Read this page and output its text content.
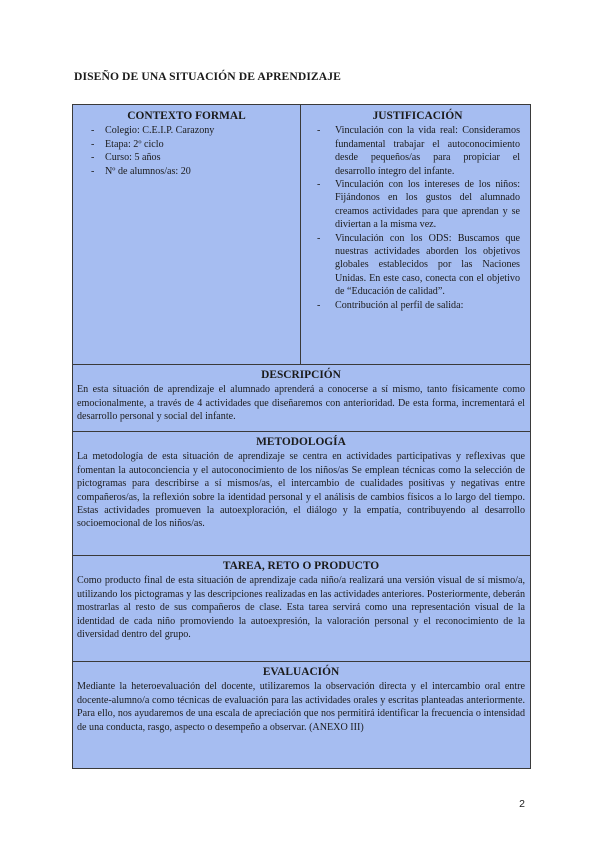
DISEÑO DE UNA SITUACIÓN DE APRENDIZAJE
CONTEXTO FORMAL
- Colegio: C.E.I.P. Carazony
- Etapa: 2º ciclo
- Curso: 5 años
- Nº de alumnos/as: 20
JUSTIFICACIÓN
- Vinculación con la vida real: Consideramos fundamental trabajar el autoconocimiento desde pequeños/as para propiciar el desarrollo íntegro del infante.
- Vinculación con los intereses de los niños: Fijándonos en los gustos del alumnado creamos actividades para que aprendan y se diviertan a la misma vez.
- Vinculación con los ODS: Buscamos que nuestras actividades aborden los objetivos globales establecidos por las Naciones Unidas. En este caso, conecta con el objetivo de “Educación de calidad”.
- Contribución al perfil de salida:
DESCRIPCIÓN
En esta situación de aprendizaje el alumnado aprenderá a conocerse a sí mismo, tanto físicamente como emocionalmente, a través de 4 actividades que diseñaremos con anterioridad. De esta forma, incrementará el desarrollo personal y social del infante.
METODOLOGÍA
La metodología de esta situación de aprendizaje se centra en actividades participativas y reflexivas que fomentan la autoconciencia y el autoconocimiento de los niños/as Se emplean técnicas como la selección de pictogramas para describirse a sí mismos/as, el intercambio de cualidades positivas y negativas entre compañeros/as, la reflexión sobre la identidad personal y el análisis de cambios físicos a lo largo del tiempo. Estas actividades promueven la autoexploración, el diálogo y la empatía, contribuyendo al desarrollo socioemocional de los niños/as.
TAREA, RETO O PRODUCTO
Como producto final de esta situación de aprendizaje cada niño/a realizará una versión visual de sí mismo/a, utilizando los pictogramas y las descripciones realizadas en las actividades anteriores. Posteriormente, deberán mostrarlas al resto de sus compañeros de clase. Esta tarea servirá como una representación visual de la identidad de cada niño promoviendo la autoexpresión, la valoración personal y el reconocimiento de la diversidad dentro del grupo.
EVALUACIÓN
Mediante la heteroevaluación del docente, utilizaremos la observación directa y el intercambio oral entre docente-alumno/a como técnicas de evaluación para las actividades orales y escritas planteadas anteriormente. Para ello, nos ayudaremos de una escala de apreciación que nos permitirá identificar la frecuencia o intensidad de una conducta, rasgo, aspecto o desempeño a observar. (ANEXO III)
2
